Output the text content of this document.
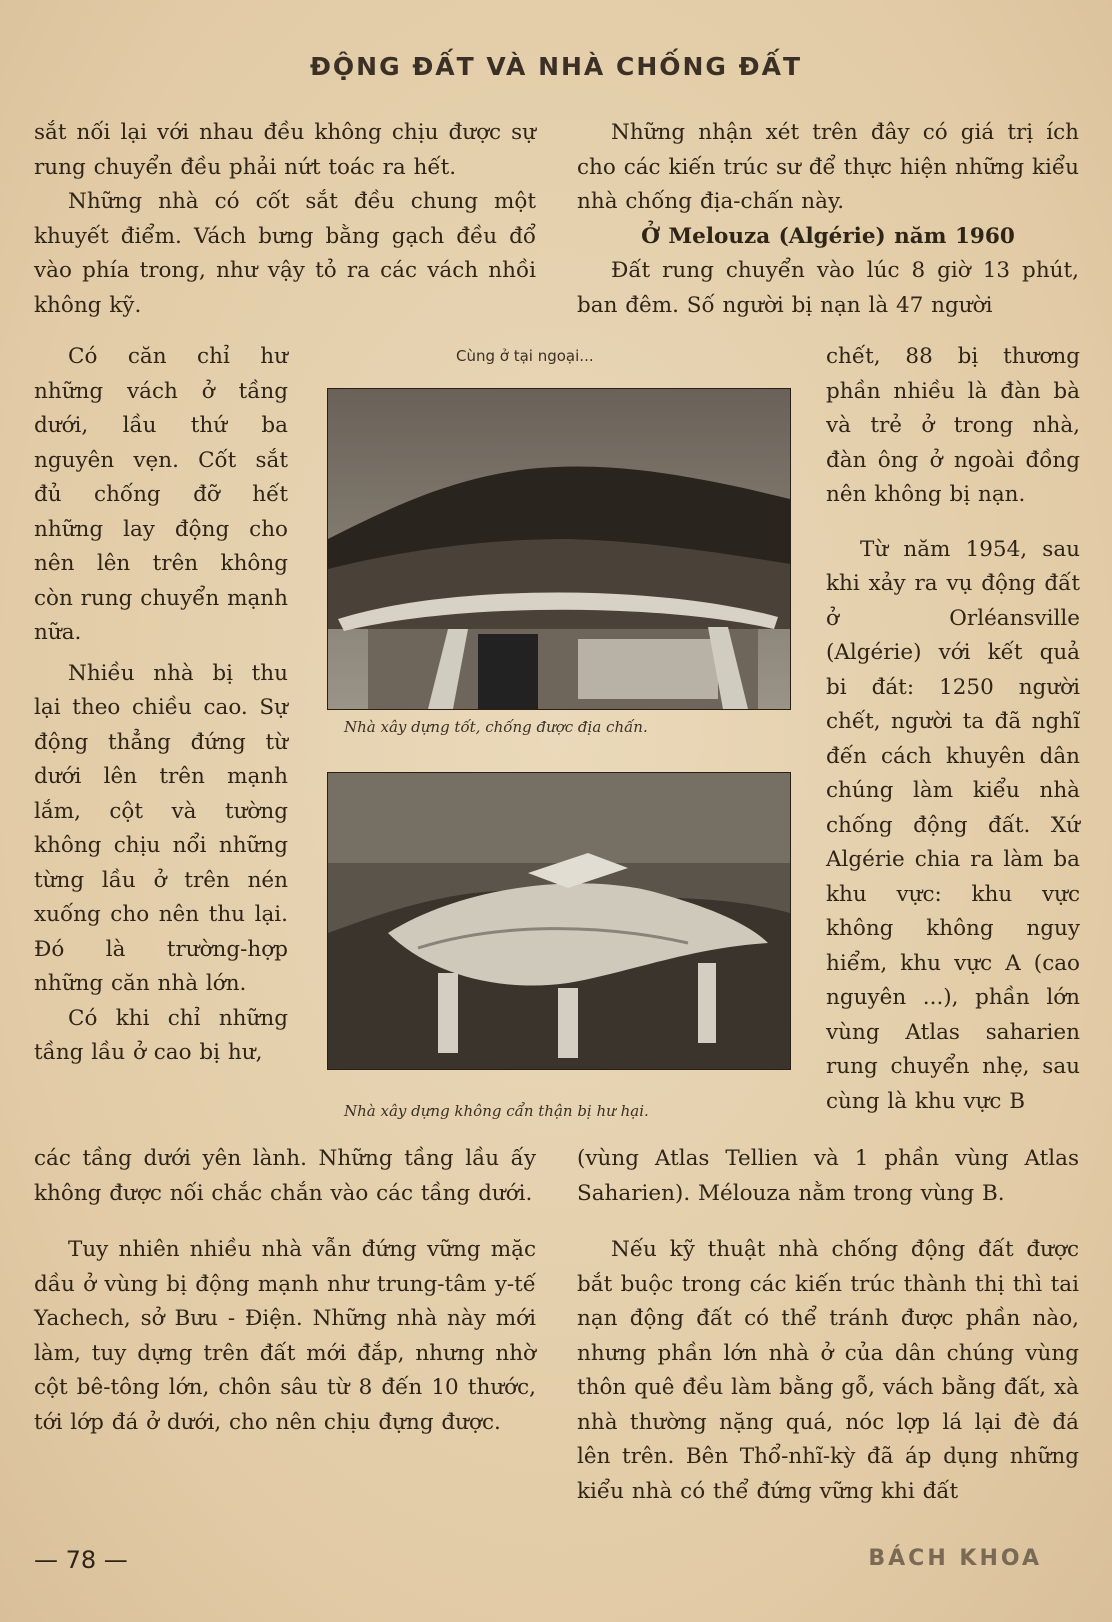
ĐỘNG ĐẤT VÀ NHÀ CHỐNG ĐẤT

sắt nối lại với nhau đều không chịu được sự rung chuyển đều phải nứt toác ra hết.

Những nhà có cốt sắt đều chung một khuyết điểm. Vách bưng bằng gạch đều đổ vào phía trong, như vậy tỏ ra các vách nhồi không kỹ.

Có căn chỉ hư những vách ở tầng dưới, lầu thứ ba nguyên vẹn. Cốt sắt đủ chống đỡ hết những lay động cho nên lên trên không còn rung chuyển mạnh nữa.

Nhiều nhà bị thu lại theo chiều cao. Sự động thẳng đứng từ dưới lên trên mạnh lắm, cột và tường không chịu nổi những từng lầu ở trên nén xuống cho nên thu lại. Đó là trường-hợp những căn nhà lớn.

Có khi chỉ những tầng lầu ở cao bị hư,

các tầng dưới yên lành. Những tầng lầu ấy không được nối chắc chắn vào các tầng dưới.

Tuy nhiên nhiều nhà vẫn đứng vững mặc dầu ở vùng bị động mạnh như trung-tâm y-tế Yachech, sở Bưu - Điện. Những nhà này mới làm, tuy dựng trên đất mới đắp, nhưng nhờ cột bê-tông lớn, chôn sâu từ 8 đến 10 thước, tới lớp đá ở dưới, cho nên chịu đựng được.

Những nhận xét trên đây có giá trị ích cho các kiến trúc sư để thực hiện những kiểu nhà chống địa-chấn này.

Ở Melouza (Algérie) năm 1960

Đất rung chuyển vào lúc 8 giờ 13 phút, ban đêm. Số người bị nạn là 47 người

chết, 88 bị thương phần nhiều là đàn bà và trẻ ở trong nhà, đàn ông ở ngoài đồng nên không bị nạn.

Từ năm 1954, sau khi xảy ra vụ động đất ở Orléansville (Algérie) với kết quả bi đát: 1250 người chết, người ta đã nghĩ đến cách khuyên dân chúng làm kiểu nhà chống động đất. Xứ Algérie chia ra làm ba khu vực: khu vực không không nguy hiểm, khu vực A (cao nguyên ...), phần lớn vùng Atlas saharien rung chuyển nhẹ, sau cùng là khu vực B

(vùng Atlas Tellien và 1 phần vùng Atlas Saharien). Mélouza nằm trong vùng B.

Nếu kỹ thuật nhà chống động đất được bắt buộc trong các kiến trúc thành thị thì tai nạn động đất có thể tránh được phần nào, nhưng phần lớn nhà ở của dân chúng vùng thôn quê đều làm bằng gỗ, vách bằng đất, xà nhà thường nặng quá, nóc lợp lá lại đè đá lên trên. Bên Thổ-nhĩ-kỳ đã áp dụng những kiểu nhà có thể đứng vững khi đất

Cùng ở tại ngoại...
Nhà xây dựng tốt, chống được địa chấn.
Nhà xây dựng không cẩn thận bị hư hại.
— 78 —	BÁCH KHOA
